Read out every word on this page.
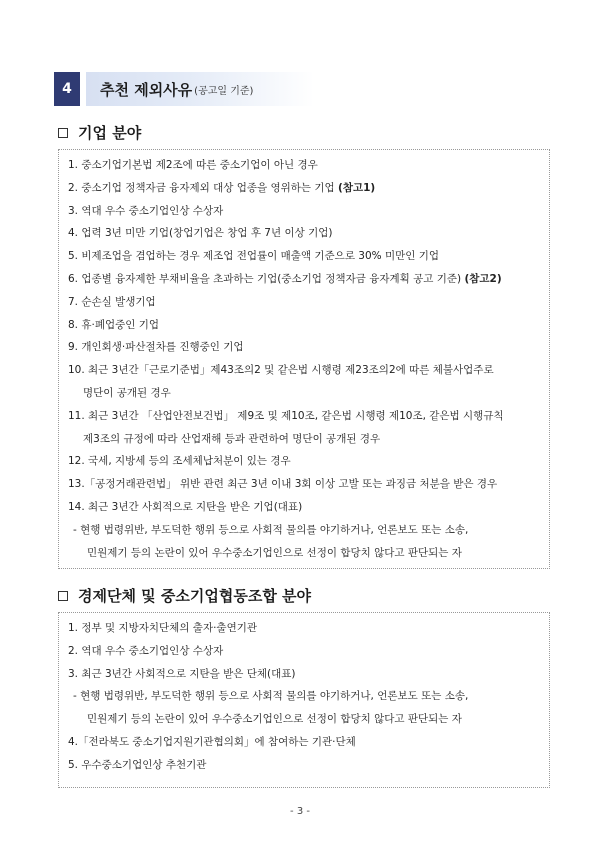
4	추천 제외사유 (공고일 기준)
기업 분야
1. 중소기업기본법 제2조에 따른 중소기업이 아닌 경우
2. 중소기업 정책자금 융자제외 대상 업종을 영위하는 기업 (참고1)
3. 역대 우수 중소기업인상 수상자
4. 업력 3년 미만 기업(창업기업은 창업 후 7년 이상 기업)
5. 비제조업을 겸업하는 경우 제조업 전업률이 매출액 기준으로 30% 미만인 기업
6. 업종별 융자제한 부채비율을 초과하는 기업(중소기업 정책자금 융자계획 공고 기준) (참고2)
7. 순손실 발생기업
8. 휴·폐업중인 기업
9. 개인회생·파산절차를 진행중인 기업
10. 최근 3년간「근로기준법」제43조의2 및 같은법 시행령 제23조의2에 따른 체불사업주로
명단이 공개된 경우
11. 최근 3년간 「산업안전보건법」 제9조 및 제10조, 같은법 시행령 제10조, 같은법 시행규칙
제3조의 규정에 따라 산업재해 등과 관련하여 명단이 공개된 경우
12. 국세, 지방세 등의 조세체납처분이 있는 경우
13.「공정거래관련법」 위반 관련 최근 3년 이내 3회 이상 고발 또는 과징금 처분을 받은 경우
14. 최근 3년간 사회적으로 지탄을 받은 기업(대표)
- 현행 법령위반, 부도덕한 행위 등으로 사회적 물의를 야기하거나, 언론보도 또는 소송,
민원제기 등의 논란이 있어 우수중소기업인으로 선정이 합당치 않다고 판단되는 자
경제단체 및 중소기업협동조합 분야
1. 정부 및 지방자치단체의 출자·출연기관
2. 역대 우수 중소기업인상 수상자
3. 최근 3년간 사회적으로 지탄을 받은 단체(대표)
- 현행 법령위반, 부도덕한 행위 등으로 사회적 물의를 야기하거나, 언론보도 또는 소송,
민원제기 등의 논란이 있어 우수중소기업인으로 선정이 합당치 않다고 판단되는 자
4.「전라북도 중소기업지원기관협의회」에 참여하는 기관·단체
5. 우수중소기업인상 추천기관
- 3 -
